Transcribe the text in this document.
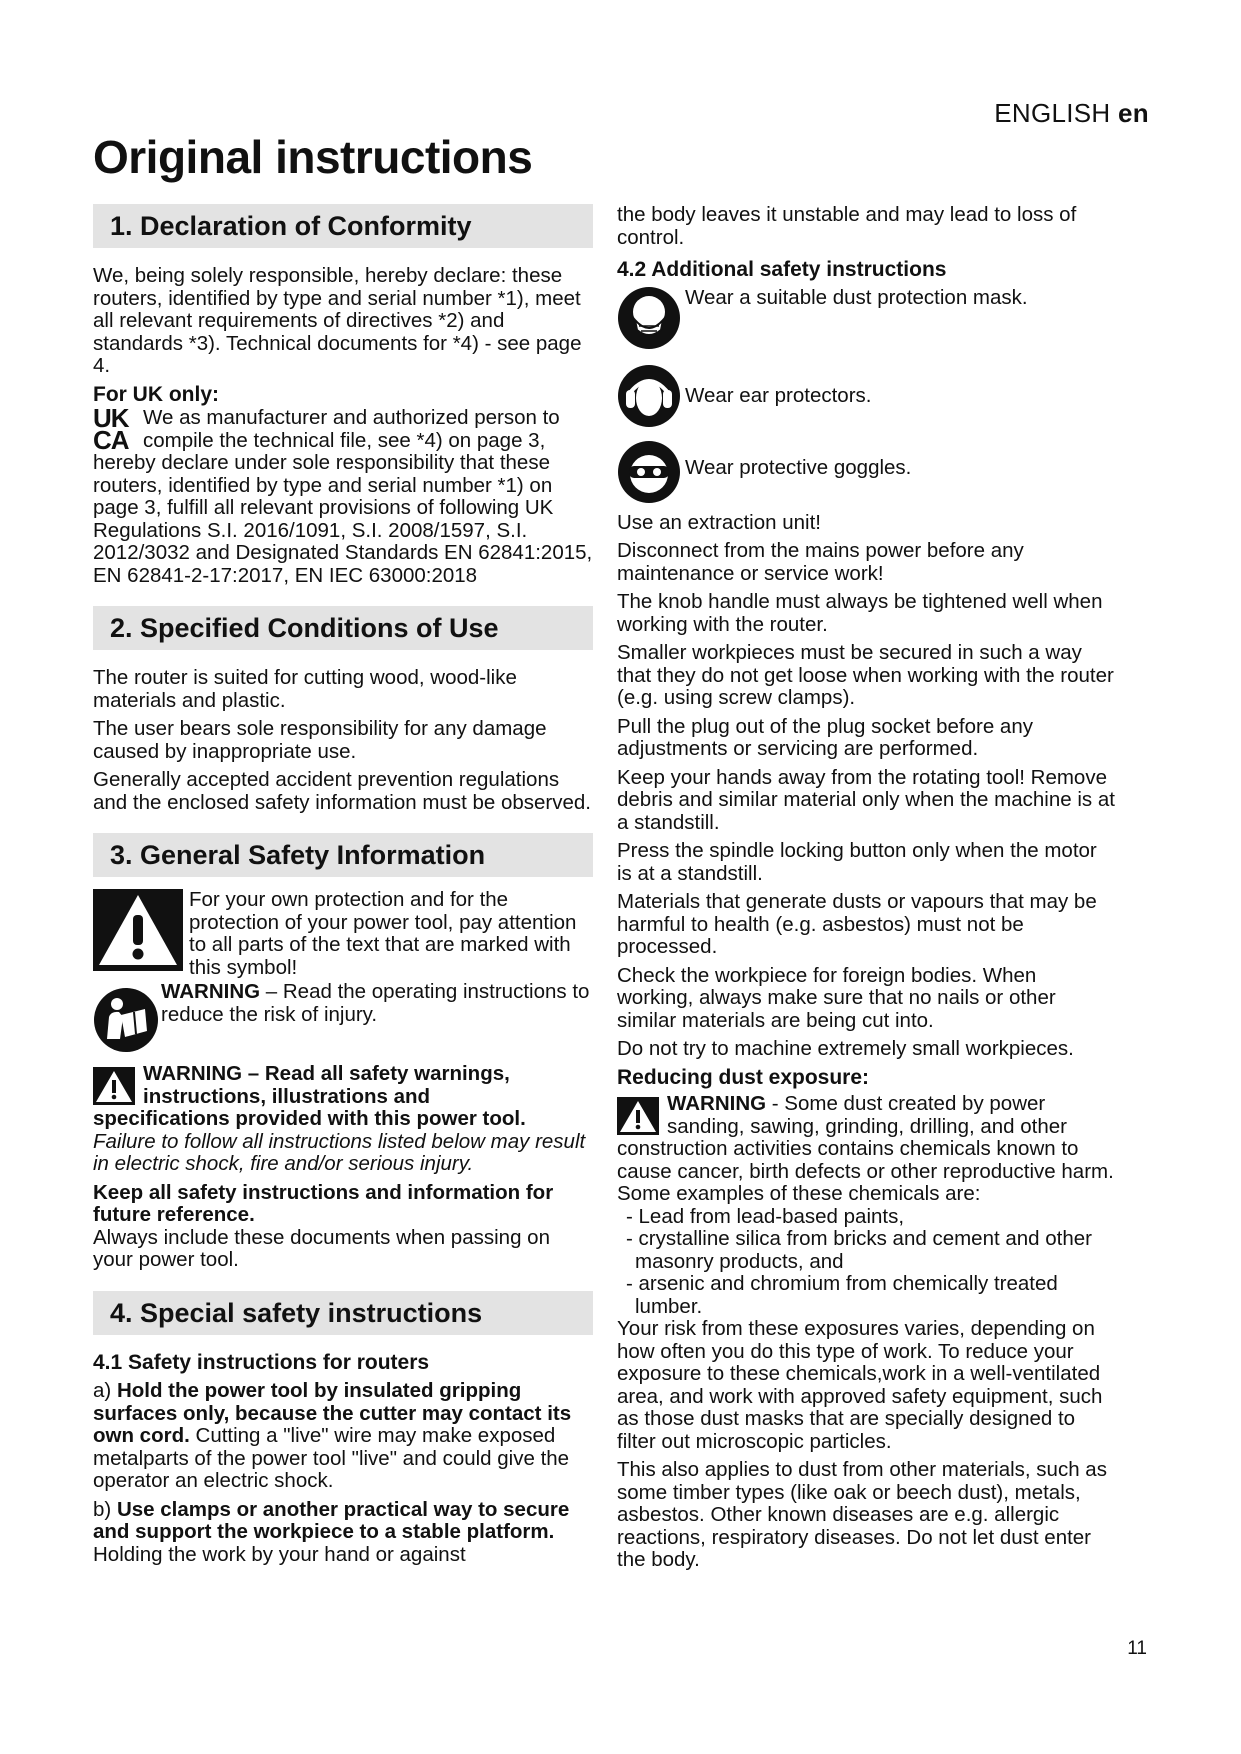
ENGLISH en
Original instructions
1. Declaration of Conformity

We, being solely responsible, hereby declare: these routers, identified by type and serial number *1), meet all relevant requirements of directives *2) and standards *3). Technical documents for *4) - see page 4.

For UK only:

UK
CA
We as manufacturer and authorized person to
compile the technical file, see *4) on page 3,
hereby declare under sole responsibility that these routers, identified by type and serial number *1) on page 3, fulfill all relevant provisions of following UK Regulations S.I. 2016/1091, S.I. 2008/1597, S.I. 2012/3032 and Designated Standards EN 62841:2015, EN 62841-2-17:2017, EN IEC 63000:2018
2. Specified Conditions of Use

The router is suited for cutting wood, wood-like materials and plastic.

The user bears sole responsibility for any damage caused by inappropriate use.

Generally accepted accident prevention regulations and the enclosed safety information must be observed.

3. General Safety Information
For your own protection and for the protection of your power tool, pay attention to all parts of the text that are marked with this symbol!
WARNING – Read the operating instructions to reduce the risk of injury.
WARNING – Read all safety warnings,
instructions, illustrations and
specifications provided with this power tool.

Failure to follow all instructions listed below may result in electric shock, fire and/or serious injury.

Keep all safety instructions and information for future reference.

Always include these documents when passing on your power tool.

4. Special safety instructions

4.1 Safety instructions for routers

a) Hold the power tool by insulated gripping surfaces only, because the cutter may contact its own cord. Cutting a "live" wire may make exposed metalparts of the power tool "live" and could give the operator an electric shock.

b) Use clamps or another practical way to secure and support the workpiece to a stable platform. Holding the work by your hand or against

the body leaves it unstable and may lead to loss of control.

4.2 Additional safety instructions

Wear a suitable dust protection mask.
Wear ear protectors.
Wear protective goggles.

Use an extraction unit!

Disconnect from the mains power before any maintenance or service work!

The knob handle must always be tightened well when working with the router.

Smaller workpieces must be secured in such a way that they do not get loose when working with the router (e.g. using screw clamps).

Pull the plug out of the plug socket before any adjustments or servicing are performed.

Keep your hands away from the rotating tool! Remove debris and similar material only when the machine is at a standstill.

Press the spindle locking button only when the motor is at a standstill.

Materials that generate dusts or vapours that may be harmful to health (e.g. asbestos) must not be processed.

Check the workpiece for foreign bodies. When working, always make sure that no nails or other similar materials are being cut into.

Do not try to machine extremely small workpieces.

Reducing dust exposure:

WARNING - Some dust created by power
sanding, sawing, grinding, drilling, and other
construction activities contains chemicals known to cause cancer, birth defects or other reproductive harm. Some examples of these chemicals are:

- Lead from lead-based paints,

- crystalline silica from bricks and cement and other masonry products, and

- arsenic and chromium from chemically treated lumber.

Your risk from these exposures varies, depending on how often you do this type of work. To reduce your exposure to these chemicals,work in a well-ventilated area, and work with approved safety equipment, such as those dust masks that are specially designed to filter out microscopic particles.

This also applies to dust from other materials, such as some timber types (like oak or beech dust), metals, asbestos. Other known diseases are e.g. allergic reactions, respiratory diseases. Do not let dust enter the body.

11
